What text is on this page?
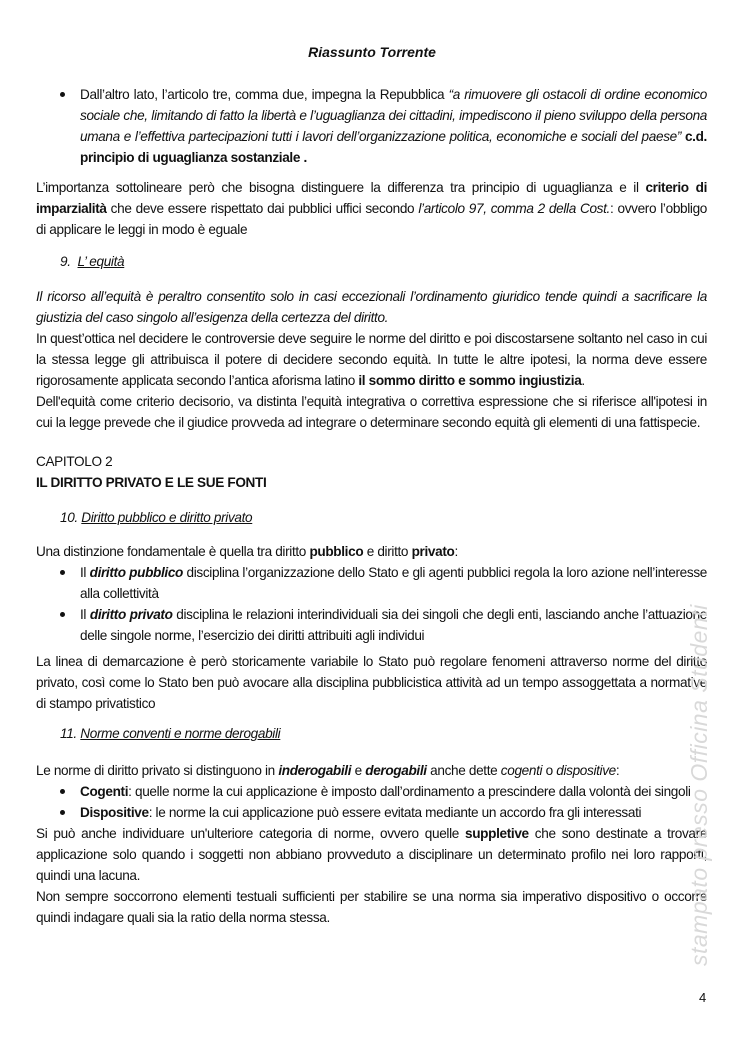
Riassunto Torrente
Dall’altro lato, l’articolo tre, comma due, impegna la Repubblica “a rimuovere gli ostacoli di ordine economico sociale che, limitando di fatto la libertà e l’uguaglianza dei cittadini, impediscono il pieno sviluppo della persona umana e l’effettiva partecipazioni tutti i lavori dell’organizzazione politica, economiche e sociali del paese” c.d. principio di uguaglianza sostanziale .

L’importanza sottolineare però che bisogna distinguere la differenza tra principio di uguaglianza e il criterio di imparzialità che deve essere rispettato dai pubblici uffici secondo l’articolo 97, comma 2 della Cost.: ovvero l’obbligo di applicare le leggi in modo è eguale

9. L’ equità

Il ricorso all’equità è peraltro consentito solo in casi eccezionali l’ordinamento giuridico tende quindi a sacrificare la giustizia del caso singolo all’esigenza della certezza del diritto.

In quest’ottica nel decidere le controversie deve seguire le norme del diritto e poi discostarsene soltanto nel caso in cui la stessa legge gli attribuisca il potere di decidere secondo equità. In tutte le altre ipotesi, la norma deve essere rigorosamente applicata secondo l’antica aforisma latino il sommo diritto e sommo ingiustizia.

Dell'equità come criterio decisorio, va distinta l’equità integrativa o correttiva espressione che si riferisce all'ipotesi in cui la legge prevede che il giudice provveda ad integrare o determinare secondo equità gli elementi di una fattispecie.

CAPITOLO 2
IL DIRITTO PRIVATO E LE SUE FONTI
10. Diritto pubblico e diritto privato

Una distinzione fondamentale è quella tra diritto pubblico e diritto privato:

Il diritto pubblico disciplina l’organizzazione dello Stato e gli agenti pubblici regola la loro azione nell’interesse alla collettività
Il diritto privato disciplina le relazioni interindividuali sia dei singoli che degli enti, lasciando anche l’attuazione delle singole norme, l’esercizio dei diritti attribuiti agli individui

La linea di demarcazione è però storicamente variabile lo Stato può regolare fenomeni attraverso norme del diritto privato, così come lo Stato ben può avocare alla disciplina pubblicistica attività ad un tempo assoggettata a normative di stampo privatistico

11. Norme conventi e norme derogabili

Le norme di diritto privato si distinguono in inderogabili e derogabili anche dette cogenti o dispositive:

Cogenti: quelle norme la cui applicazione è imposto dall’ordinamento a prescindere dalla volontà dei singoli
Dispositive: le norme la cui applicazione può essere evitata mediante un accordo fra gli interessati

Si può anche individuare un'ulteriore categoria di norme, ovvero quelle suppletive che sono destinate a trovare applicazione solo quando i soggetti non abbiano provveduto a disciplinare un determinato profilo nei loro rapporti, quindi una lacuna.

Non sempre soccorrono elementi testuali sufficienti per stabilire se una norma sia imperativo dispositivo o occorre quindi indagare quali sia la ratio della norma stessa.	stampato presso Officina Studenti
4
